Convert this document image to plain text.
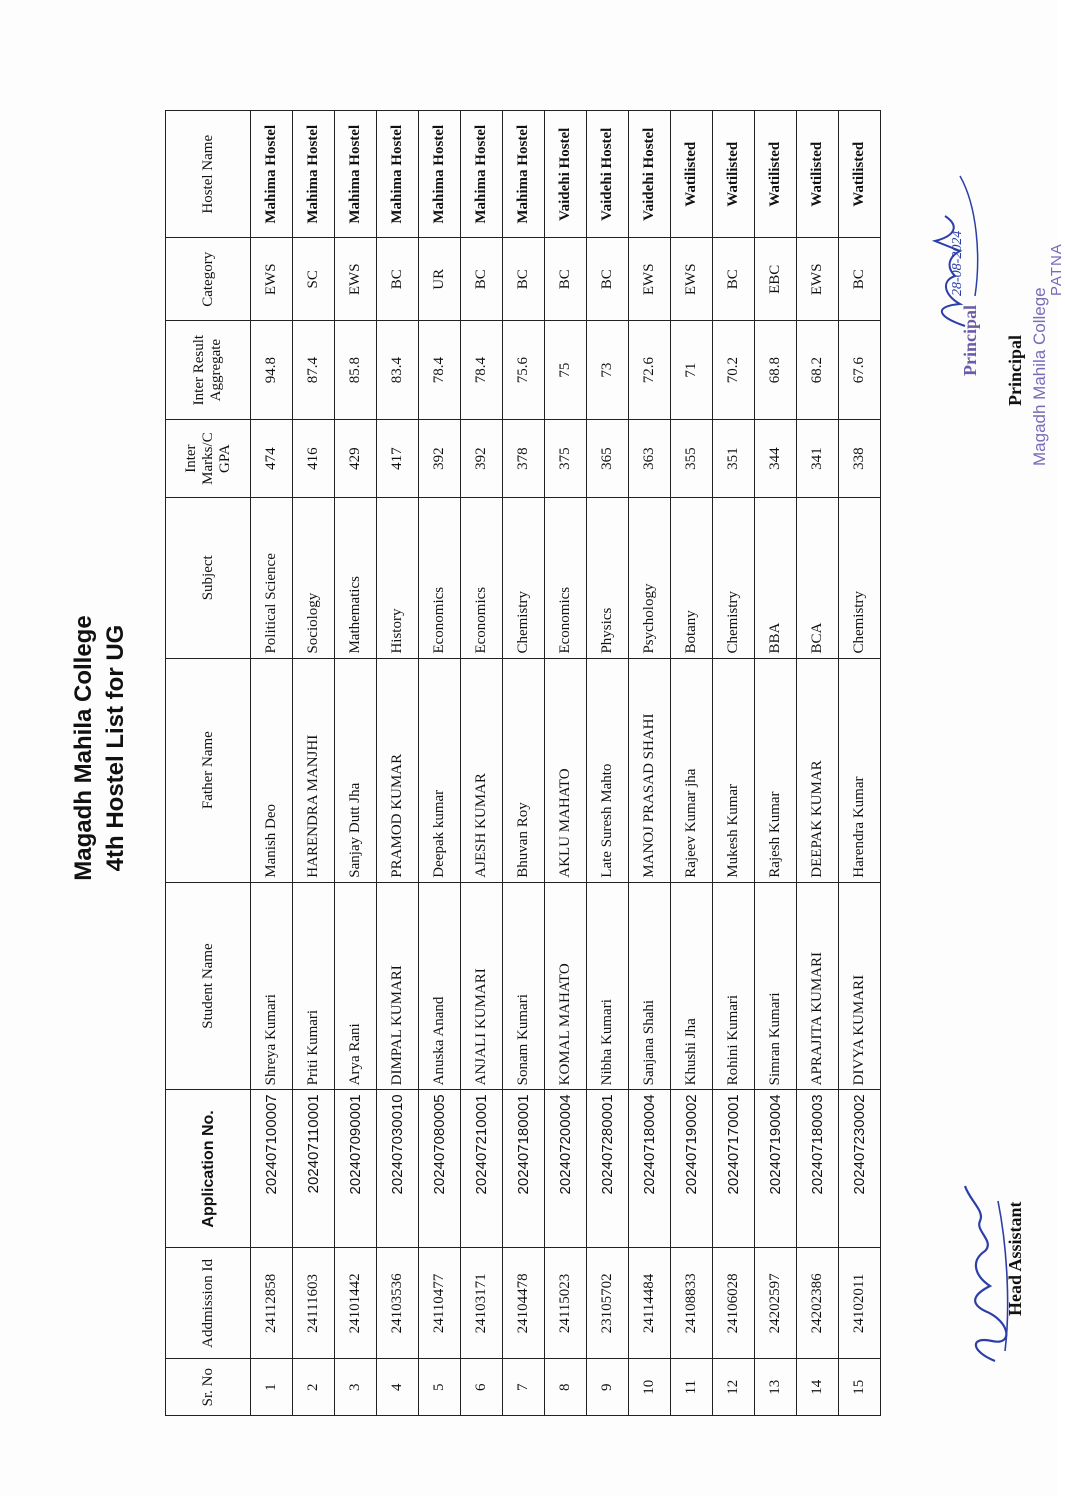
Magadh Mahila College 4th Hostel List for UG
Sr. No	Addmission Id	Application No.	Student Name	Father Name	Subject	Inter Marks/C GPA	Inter Result Aggregate	Category	Hostel Name
1	24112858	202407100007	Shreya Kumari	Manish Deo	Political Science	474	94.8	EWS	Mahima Hostel
2	24111603	202407110001	Priti Kumari	HARENDRA MANJHI	Sociology	416	87.4	SC	Mahima Hostel
3	24101442	202407090001	Arya Rani	Sanjay Dutt Jha	Mathematics	429	85.8	EWS	Mahima Hostel
4	24103536	202407030010	DIMPAL KUMARI	PRAMOD KUMAR	History	417	83.4	BC	Mahima Hostel
5	24110477	202407080005	Anuska Anand	Deepak kumar	Economics	392	78.4	UR	Mahima Hostel
6	24103171	202407210001	ANJALI KUMARI	AJESH KUMAR	Economics	392	78.4	BC	Mahima Hostel
7	24104478	202407180001	Sonam Kumari	Bhuvan Roy	Chemistry	378	75.6	BC	Mahima Hostel
8	24115023	202407200004	KOMAL MAHATO	AKLU MAHATO	Economics	375	75	BC	Vaidehi Hostel
9	23105702	202407280001	Nibha Kumari	Late Suresh Mahto	Physics	365	73	BC	Vaidehi Hostel
10	24114484	202407180004	Sanjana Shahi	MANOJ PRASAD SHAHI	Psychology	363	72.6	EWS	Vaidehi Hostel
11	24108833	202407190002	Khushi Jha	Rajeev Kumar jha	Botany	355	71	EWS	Watilisted
12	24106028	202407170001	Rohini Kumari	Mukesh Kumar	Chemistry	351	70.2	BC	Watilisted
13	24202597	202407190004	Simran Kumari	Rajesh Kumar	BBA	344	68.8	EBC	Watilisted
14	24202386	202407180003	APRAJITA KUMARI	DEEPAK KUMAR	BCA	341	68.2	EWS	Watilisted
15	24102011	202407230002	DIVYA KUMARI	Harendra Kumar	Chemistry	338	67.6	BC	Watilisted
Head Assistant
Principal
Principal	Magadh Mahila College
PATNA
28-08-2024
